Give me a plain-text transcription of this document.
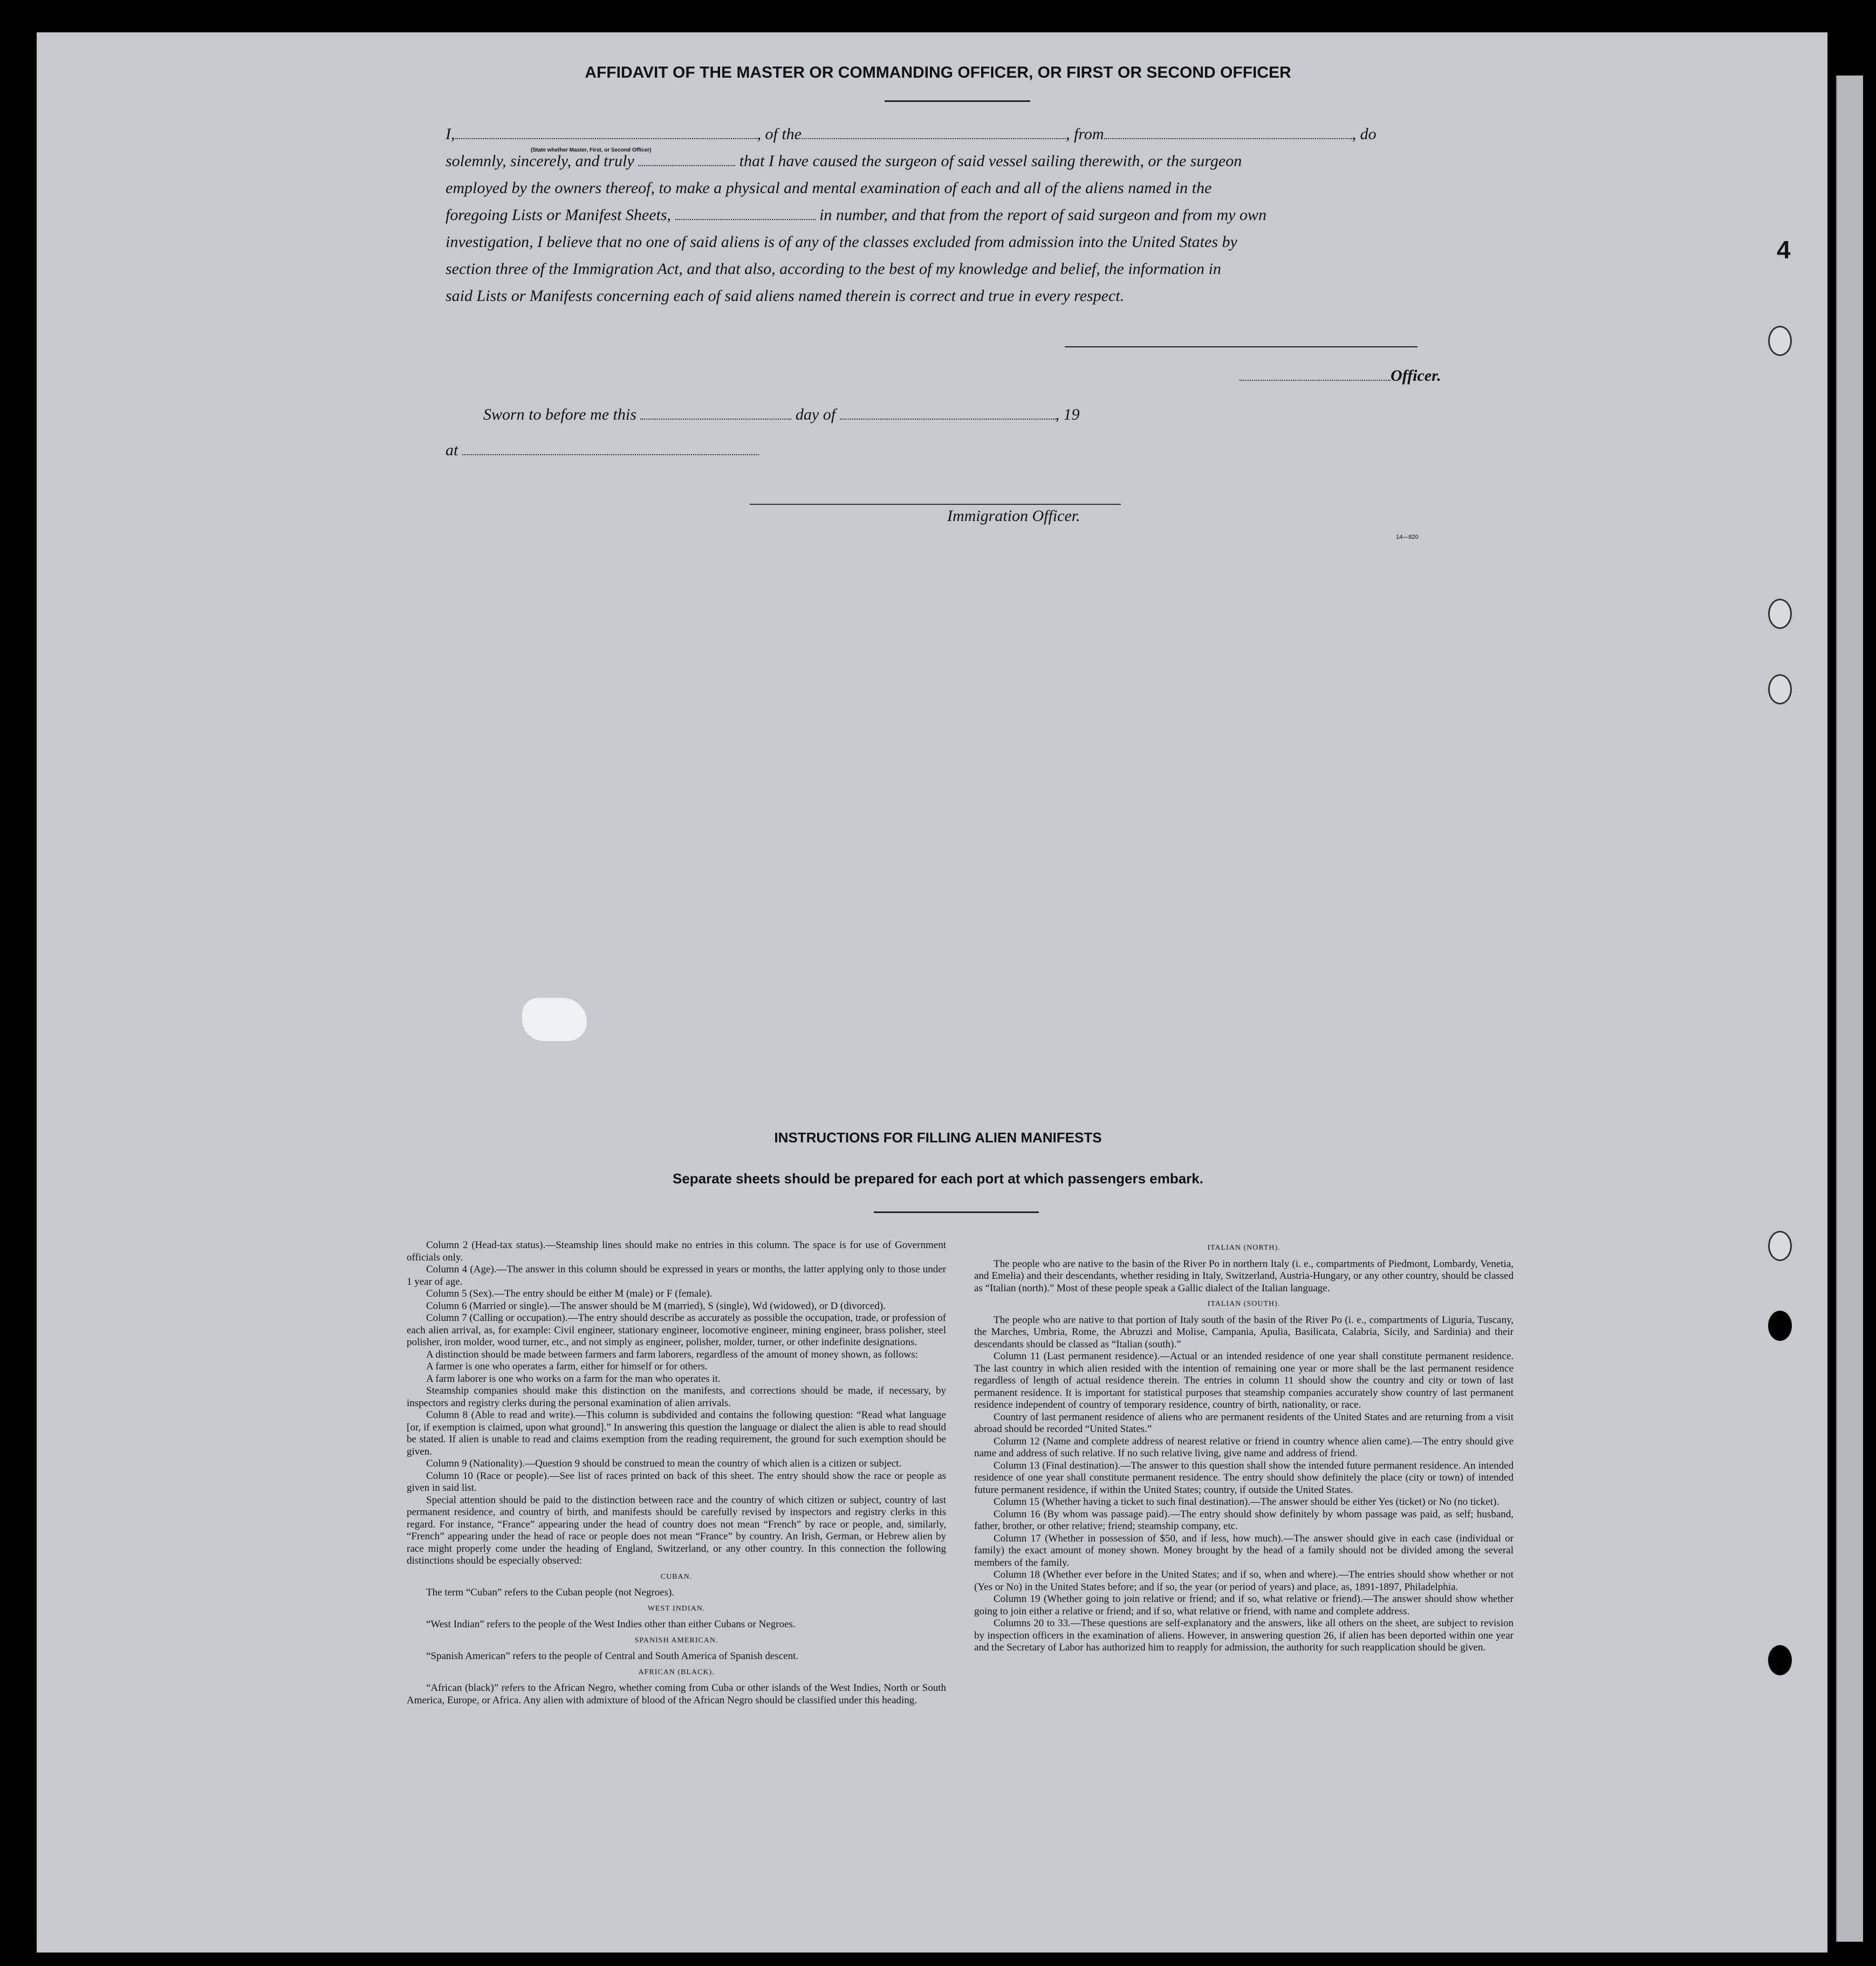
AFFIDAVIT OF THE MASTER OR COMMANDING OFFICER, OR FIRST OR SECOND OFFICER
I,	, of the	, from	, do
(State whether Master, First, or Second Officer)
solemnly, sincerely, and truly	that I have caused the surgeon of said vessel sailing therewith, or the surgeon
employed by the owners thereof, to make a physical and mental examination of each and all of the aliens named in the
foregoing Lists or Manifest Sheets,	in number, and that from the report of said surgeon and from my own
investigation, I believe that no one of said aliens is of any of the classes excluded from admission into the United States by
section three of the Immigration Act, and that also, according to the best of my knowledge and belief, the information in
said Lists or Manifests concerning each of said aliens named therein is correct and true in every respect.
Officer.
Sworn to before me this	day of	, 19
at
Immigration Officer.
14—820
4
INSTRUCTIONS FOR FILLING ALIEN MANIFESTS
Separate sheets should be prepared for each port at which passengers embark.

Column 2 (Head-tax status).—Steamship lines should make no entries in this column. The space is for use of Government officials only.

Column 4 (Age).—The answer in this column should be expressed in years or months, the latter applying only to those under 1 year of age.

Column 5 (Sex).—The entry should be either M (male) or F (female).

Column 6 (Married or single).—The answer should be M (married), S (single), Wd (widowed), or D (divorced).

Column 7 (Calling or occupation).—The entry should describe as accurately as possible the occupation, trade, or profession of each alien arrival, as, for example: Civil engineer, stationary engineer, locomotive engineer, mining engineer, brass polisher, steel polisher, iron molder, wood turner, etc., and not simply as engineer, polisher, molder, turner, or other indefinite designations.

A distinction should be made between farmers and farm laborers, regardless of the amount of money shown, as follows:

A farmer is one who operates a farm, either for himself or for others.

A farm laborer is one who works on a farm for the man who operates it.

Steamship companies should make this distinction on the manifests, and corrections should be made, if necessary, by inspectors and registry clerks during the personal examination of alien arrivals.

Column 8 (Able to read and write).—This column is subdivided and contains the following question: “Read what language [or, if exemption is claimed, upon what ground].” In answering this question the language or dialect the alien is able to read should be stated. If alien is unable to read and claims exemption from the reading requirement, the ground for such exemption should be given.

Column 9 (Nationality).—Question 9 should be construed to mean the country of which alien is a citizen or subject.

Column 10 (Race or people).—See list of races printed on back of this sheet. The entry should show the race or people as given in said list.

Special attention should be paid to the distinction between race and the country of which citizen or subject, country of last permanent residence, and country of birth, and manifests should be carefully revised by inspectors and registry clerks in this regard. For instance, “France” appearing under the head of country does not mean “French” by race or people, and, similarly, “French” appearing under the head of race or people does not mean “France” by country. An Irish, German, or Hebrew alien by race might properly come under the heading of England, Switzerland, or any other country. In this connection the following distinctions should be especially observed:

CUBAN.

The term “Cuban” refers to the Cuban people (not Negroes).

WEST INDIAN.

“West Indian” refers to the people of the West Indies other than either Cubans or Negroes.

SPANISH AMERICAN.

“Spanish American” refers to the people of Central and South America of Spanish descent.

AFRICAN (BLACK).

“African (black)” refers to the African Negro, whether coming from Cuba or other islands of the West Indies, North or South America, Europe, or Africa. Any alien with admixture of blood of the African Negro should be classified under this heading.

ITALIAN (NORTH).

The people who are native to the basin of the River Po in northern Italy (i. e., compartments of Piedmont, Lombardy, Venetia, and Emelia) and their descendants, whether residing in Italy, Switzerland, Austria-Hungary, or any other country, should be classed as “Italian (north).” Most of these people speak a Gallic dialect of the Italian language.

ITALIAN (SOUTH).

The people who are native to that portion of Italy south of the basin of the River Po (i. e., compartments of Liguria, Tuscany, the Marches, Umbria, Rome, the Abruzzi and Molise, Campania, Apulia, Basilicata, Calabria, Sicily, and Sardinia) and their descendants should be classed as “Italian (south).”

Column 11 (Last permanent residence).—Actual or an intended residence of one year shall constitute permanent residence. The last country in which alien resided with the intention of remaining one year or more shall be the last permanent residence regardless of length of actual residence therein. The entries in column 11 should show the country and city or town of last permanent residence. It is important for statistical purposes that steamship companies accurately show country of last permanent residence independent of country of temporary residence, country of birth, nationality, or race.

Country of last permanent residence of aliens who are permanent residents of the United States and are returning from a visit abroad should be recorded “United States.”

Column 12 (Name and complete address of nearest relative or friend in country whence alien came).—The entry should give name and address of such relative. If no such relative living, give name and address of friend.

Column 13 (Final destination).—The answer to this question shall show the intended future permanent residence. An intended residence of one year shall constitute permanent residence. The entry should show definitely the place (city or town) of intended future permanent residence, if within the United States; country, if outside the United States.

Column 15 (Whether having a ticket to such final destination).—The answer should be either Yes (ticket) or No (no ticket).

Column 16 (By whom was passage paid).—The entry should show definitely by whom passage was paid, as self; husband, father, brother, or other relative; friend; steamship company, etc.

Column 17 (Whether in possession of $50, and if less, how much).—The answer should give in each case (individual or family) the exact amount of money shown. Money brought by the head of a family should not be divided among the several members of the family.

Column 18 (Whether ever before in the United States; and if so, when and where).—The entries should show whether or not (Yes or No) in the United States before; and if so, the year (or period of years) and place, as, 1891-1897, Philadelphia.

Column 19 (Whether going to join relative or friend; and if so, what relative or friend).—The answer should show whether going to join either a relative or friend; and if so, what relative or friend, with name and complete address.

Columns 20 to 33.—These questions are self-explanatory and the answers, like all others on the sheet, are subject to revision by inspection officers in the examination of aliens. However, in answering question 26, if alien has been deported within one year and the Secretary of Labor has authorized him to reapply for admission, the authority for such reapplication should be given.
